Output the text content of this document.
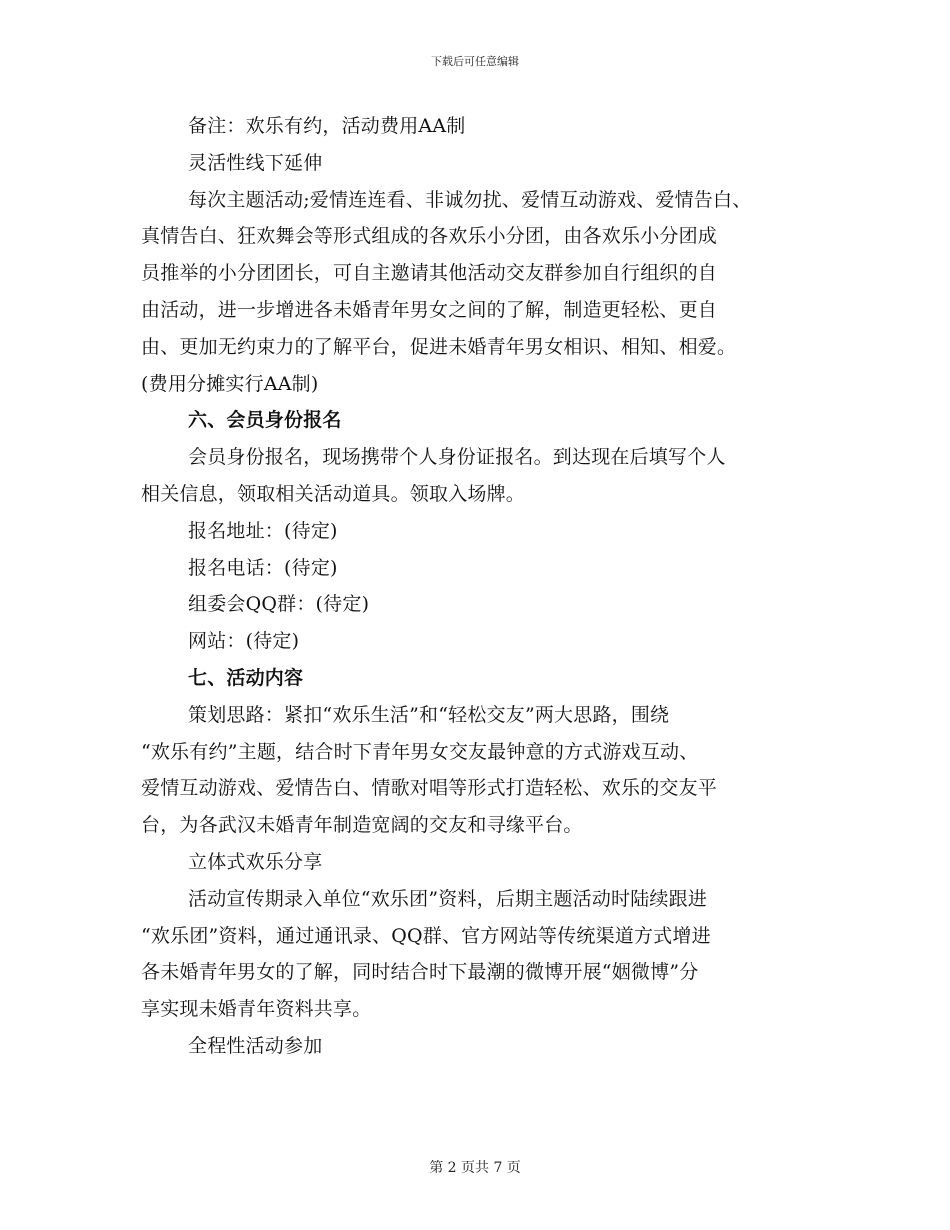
下载后可任意编辑
备注：欢乐有约，活动费用AA制
灵活性线下延伸
每次主题活动;爱情连连看、非诚勿扰、爱情互动游戏、爱情告白、
真情告白、狂欢舞会等形式组成的各欢乐小分团，由各欢乐小分团成
员推举的小分团团长，可自主邀请其他活动交友群参加自行组织的自
由活动，进一步增进各未婚青年男女之间的了解，制造更轻松、更自
由、更加无约束力的了解平台，促进未婚青年男女相识、相知、相爱。
(费用分摊实行AA制)
六、会员身份报名
会员身份报名，现场携带个人身份证报名。到达现在后填写个人
相关信息，领取相关活动道具。领取入场牌。
报名地址：(待定)
报名电话：(待定)
组委会QQ群：(待定)
网站：(待定)
七、活动内容
策划思路：紧扣“欢乐生活”和“轻松交友”两大思路，围绕
“欢乐有约”主题，结合时下青年男女交友最钟意的方式游戏互动、
爱情互动游戏、爱情告白、情歌对唱等形式打造轻松、欢乐的交友平
台，为各武汉未婚青年制造宽阔的交友和寻缘平台。
立体式欢乐分享
活动宣传期录入单位“欢乐团”资料，后期主题活动时陆续跟进
“欢乐团”资料，通过通讯录、QQ群、官方网站等传统渠道方式增进
各未婚青年男女的了解，同时结合时下最潮的微博开展“姻微博”分
享实现未婚青年资料共享。
全程性活动参加
第 2 页共 7 页
